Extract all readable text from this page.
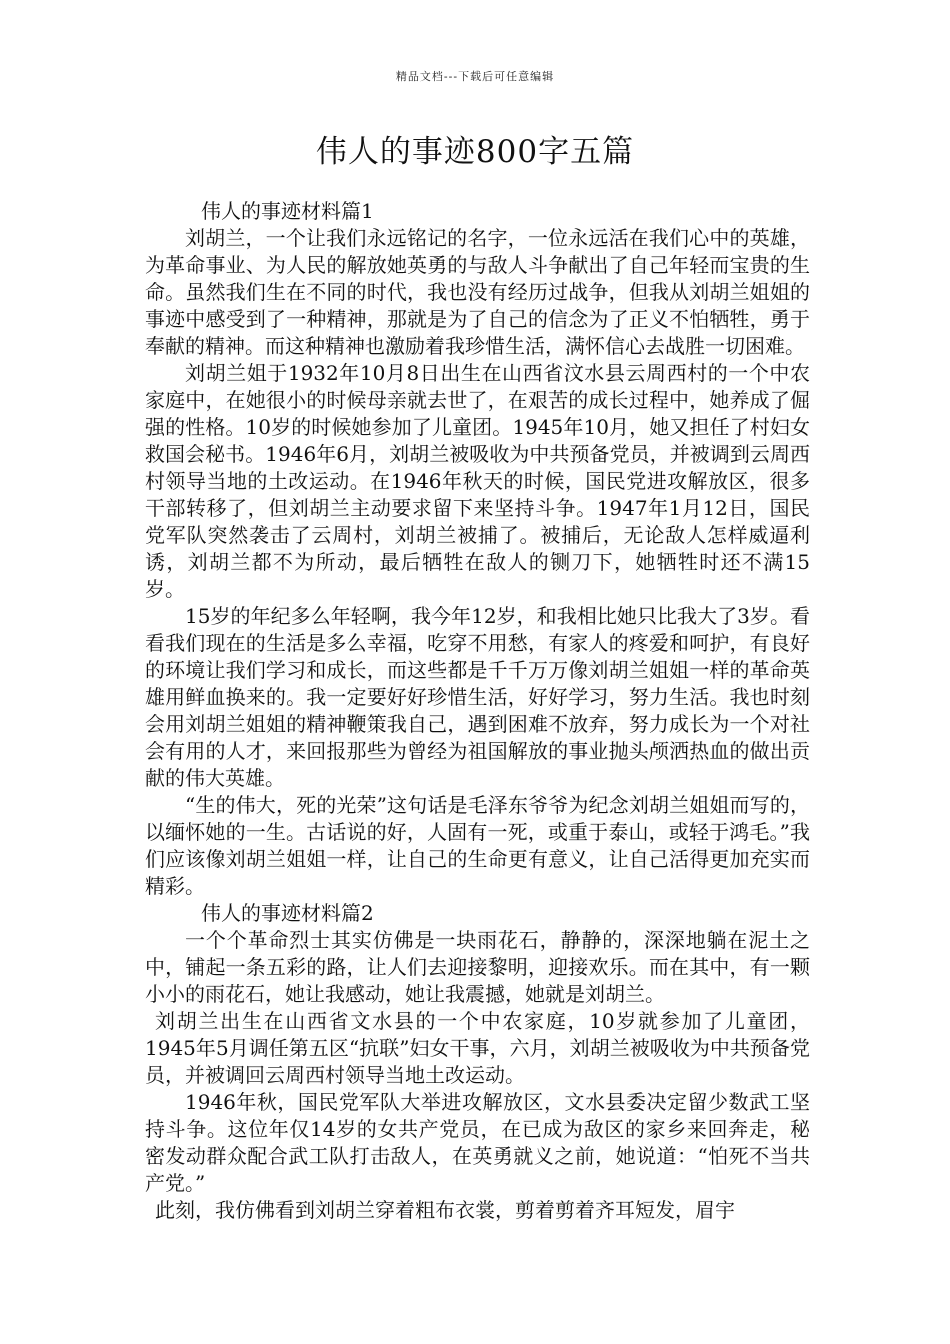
精品文档---下载后可任意编辑
伟人的事迹800字五篇

伟人的事迹材料篇1

刘胡兰，一个让我们永远铭记的名字，一位永远活在我们心中的英雄，为革命事业、为人民的解放她英勇的与敌人斗争献出了自己年轻而宝贵的生命。虽然我们生在不同的时代，我也没有经历过战争，但我从刘胡兰姐姐的事迹中感受到了一种精神，那就是为了自己的信念为了正义不怕牺牲，勇于奉献的精神。而这种精神也激励着我珍惜生活，满怀信心去战胜一切困难。

刘胡兰姐于1932年10月8日出生在山西省汶水县云周西村的一个中农家庭中，在她很小的时候母亲就去世了，在艰苦的成长过程中，她养成了倔强的性格。10岁的时候她参加了儿童团。1945年10月，她又担任了村妇女救国会秘书。1946年6月，刘胡兰被吸收为中共预备党员，并被调到云周西村领导当地的土改运动。在1946年秋天的时候，国民党进攻解放区，很多干部转移了，但刘胡兰主动要求留下来坚持斗争。1947年1月12日，国民党军队突然袭击了云周村，刘胡兰被捕了。被捕后，无论敌人怎样威逼利诱，刘胡兰都不为所动，最后牺牲在敌人的铡刀下，她牺牲时还不满15岁。

15岁的年纪多么年轻啊，我今年12岁，和我相比她只比我大了3岁。看看我们现在的生活是多么幸福，吃穿不用愁，有家人的疼爱和呵护，有良好的环境让我们学习和成长，而这些都是千千万万像刘胡兰姐姐一样的革命英雄用鲜血换来的。我一定要好好珍惜生活，好好学习，努力生活。我也时刻会用刘胡兰姐姐的精神鞭策我自己，遇到困难不放弃，努力成长为一个对社会有用的人才，来回报那些为曾经为祖国解放的事业抛头颅洒热血的做出贡献的伟大英雄。

“生的伟大，死的光荣”这句话是毛泽东爷爷为纪念刘胡兰姐姐而写的，以缅怀她的一生。古话说的好，人固有一死，或重于泰山，或轻于鸿毛。”我们应该像刘胡兰姐姐一样，让自己的生命更有意义，让自己活得更加充实而精彩。

伟人的事迹材料篇2

一个个革命烈士其实仿佛是一块雨花石，静静的，深深地躺在泥土之中，铺起一条五彩的路，让人们去迎接黎明，迎接欢乐。而在其中，有一颗小小的雨花石，她让我感动，她让我震撼，她就是刘胡兰。

刘胡兰出生在山西省文水县的一个中农家庭，10岁就参加了儿童团，1945年5月调任第五区“抗联”妇女干事，六月，刘胡兰被吸收为中共预备党员，并被调回云周西村领导当地土改运动。

1946年秋，国民党军队大举进攻解放区，文水县委决定留少数武工坚持斗争。这位年仅14岁的女共产党员，在已成为敌区的家乡来回奔走，秘密发动群众配合武工队打击敌人，在英勇就义之前，她说道：“怕死不当共产党。”

此刻，我仿佛看到刘胡兰穿着粗布衣裳，剪着剪着齐耳短发，眉宇
